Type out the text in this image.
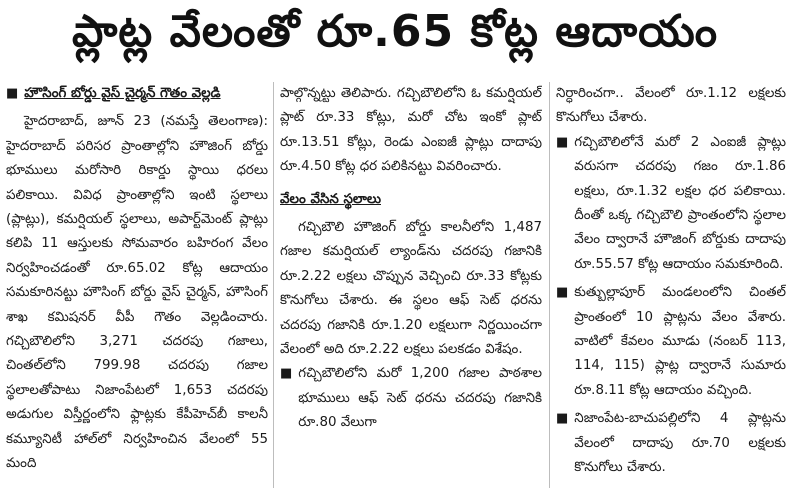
ప్లాట్ల వేలంతో రూ.65 కోట్ల ఆదాయం
■ హౌసింగ్ బోర్డు వైస్ చైర్మన్ గౌతం వెల్లడి

హైదరాబాద్, జూన్ 23 (నమస్తే తెలంగాణ): హైదరాబాద్ పరిసర ప్రాంతాల్లోని హౌజింగ్ బోర్డు భూములు మరోసారి రికార్డు స్థాయి ధరలు పలికాయి. వివిధ ప్రాంతాల్లోని ఇంటి స్థలాలు (ప్లాట్లు), కమర్షియల్ స్థలాలు, అపార్ట్‌మెంట్ ప్లాట్లు కలిపి 11 ఆస్తులకు సోమవారం బహిరంగ వేలం నిర్వహించడంతో రూ.65.02 కోట్ల ఆదాయం సమకూరినట్టు హౌసింగ్ బోర్డు వైస్ చైర్మన్, హౌసింగ్ శాఖ కమిషనర్ వీపీ గౌతం వెల్లడించారు. గచ్చిబౌలిలోని 3,271 చదరపు గజాలు, చింతల్‌లోని 799.98 చదరపు గజాల స్థలాలతోపాటు నిజాంపేటలో 1,653 చదరపు అడుగుల విస్తీర్ణంలోని ఫ్లాట్లకు కేపీహెచ్‌బీ కాలనీ కమ్యూనిటీ హాల్‌లో నిర్వహించిన వేలంలో 55 మంది

పాల్గొన్నట్టు తెలిపారు. గచ్చిబౌలిలోని ఓ కమర్షియల్ ప్లాట్ రూ.33 కోట్లు, మరో చోట ఇంకో ప్లాట్ రూ.13.51 కోట్లు, రెండు ఎంఐజీ ప్లాట్లు దాదాపు రూ.4.50 కోట్ల ధర పలికినట్టు వివరించారు.

వేలం వేసిన స్థలాలు

గచ్చిబౌలి హౌజింగ్ బోర్డు కాలనీలోని 1,487 గజాల కమర్షియల్ ల్యాండ్‌ను చదరపు గజానికి రూ.2.22 లక్షలు చొప్పున వెచ్చించి రూ.33 కోట్లకు కొనుగోలు చేశారు. ఈ స్థలం ఆఫ్ సెట్ ధరను చదరపు గజానికి రూ.1.20 లక్షలుగా నిర్ణయించగా వేలంలో అది రూ.2.22 లక్షలు పలకడం విశేషం.

■ గచ్చిబౌలిలోని మరో 1,200 గజాల పాఠశాల భూములు ఆఫ్ సెట్ ధరను చదరపు గజానికి రూ.80 వేలుగా

నిర్ధారించగా.. వేలంలో రూ.1.12 లక్షలకు కొనుగోలు చేశారు.

■ గచ్చిబౌలిలోనే మరో 2 ఎంఐజీ ప్లాట్లు వరుసగా చదరపు గజం రూ.1.86 లక్షలు, రూ.1.32 లక్షల ధర పలికాయి. దీంతో ఒక్క గచ్చిబౌలి ప్రాంతంలోని స్థలాల వేలం ద్వారానే హౌజింగ్ బోర్డుకు దాదాపు రూ.55.57 కోట్ల ఆదాయం సమకూరింది.
■ కుత్బుల్లాపూర్ మండలంలోని చింతల్ ప్రాంతంలో 10 ప్లాట్లను వేలం వేశారు. వాటిలో కేవలం మూడు (నంబర్ 113, 114, 115) ప్లాట్ల ద్వారానే సుమారు రూ.8.11 కోట్ల ఆదాయం వచ్చింది.
■ నిజాంపేట-బాచుపల్లిలోని 4 ప్లాట్లను వేలంలో దాదాపు రూ.70 లక్షలకు కొనుగోలు చేశారు.
